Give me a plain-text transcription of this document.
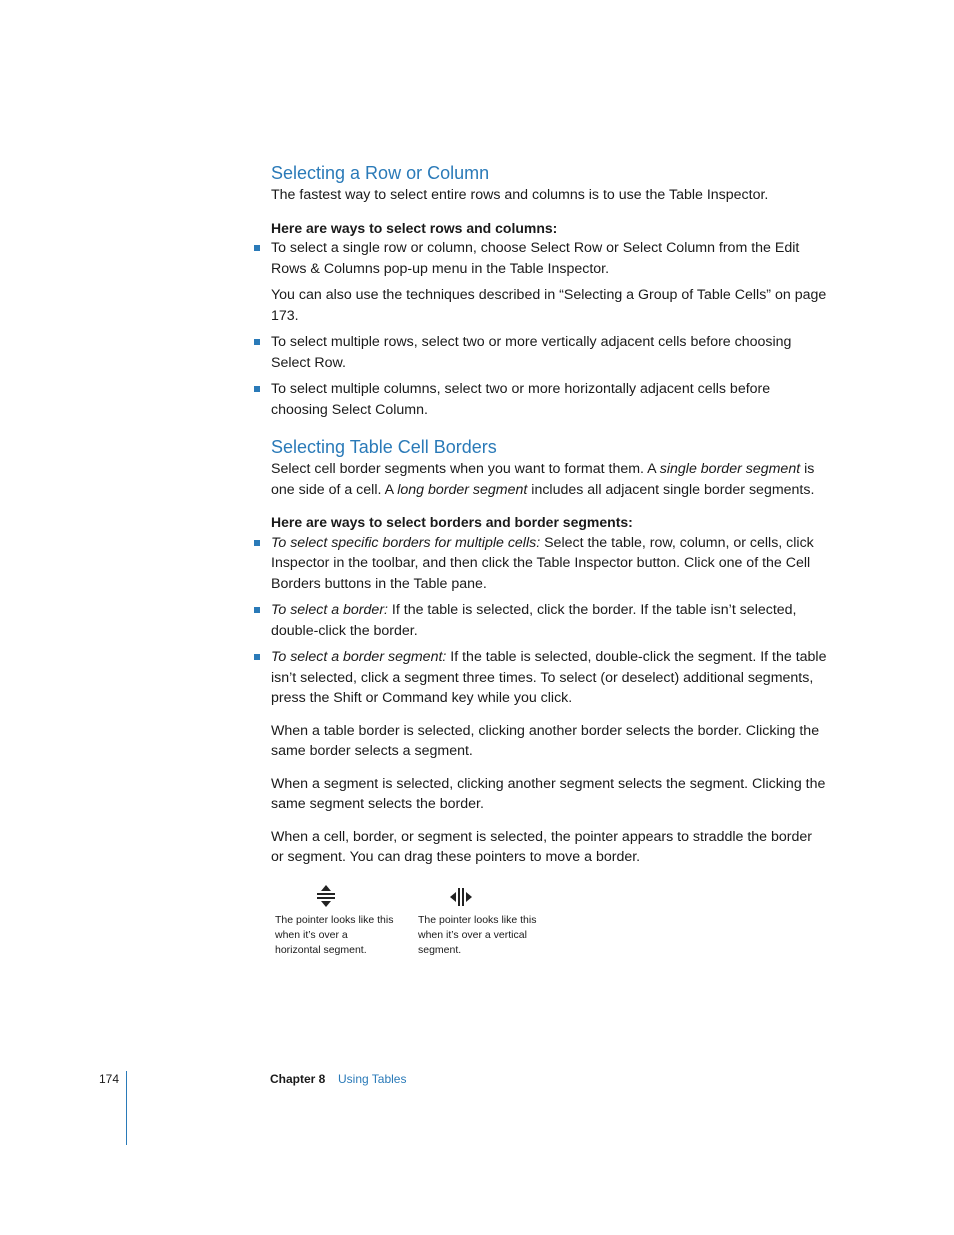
Selecting a Row or Column

The fastest way to select entire rows and columns is to use the Table Inspector.

Here are ways to select rows and columns:

To select a single row or column, choose Select Row or Select Column from the Edit Rows & Columns pop-up menu in the Table Inspector.

You can also use the techniques described in “Selecting a Group of Table Cells” on page 173.

To select multiple rows, select two or more vertically adjacent cells before choosing Select Row.
To select multiple columns, select two or more horizontally adjacent cells before choosing Select Column.
Selecting Table Cell Borders

Select cell border segments when you want to format them. A single border segment is one side of a cell. A long border segment includes all adjacent single border segments.

Here are ways to select borders and border segments:

To select specific borders for multiple cells: Select the table, row, column, or cells, click Inspector in the toolbar, and then click the Table Inspector button. Click one of the Cell Borders buttons in the Table pane.
To select a border: If the table is selected, click the border. If the table isn’t selected, double-click the border.
To select a border segment: If the table is selected, double-click the segment. If the table isn’t selected, click a segment three times. To select (or deselect) additional segments, press the Shift or Command key while you click.

When a table border is selected, clicking another border selects the border. Clicking the same border selects a segment.

When a segment is selected, clicking another segment selects the segment. Clicking the same segment selects the border.

When a cell, border, or segment is selected, the pointer appears to straddle the border or segment. You can drag these pointers to move a border.

The pointer looks like this when it’s over a horizontal segment.
The pointer looks like this when it’s over a vertical segment.
174	Chapter 8 Using Tables
